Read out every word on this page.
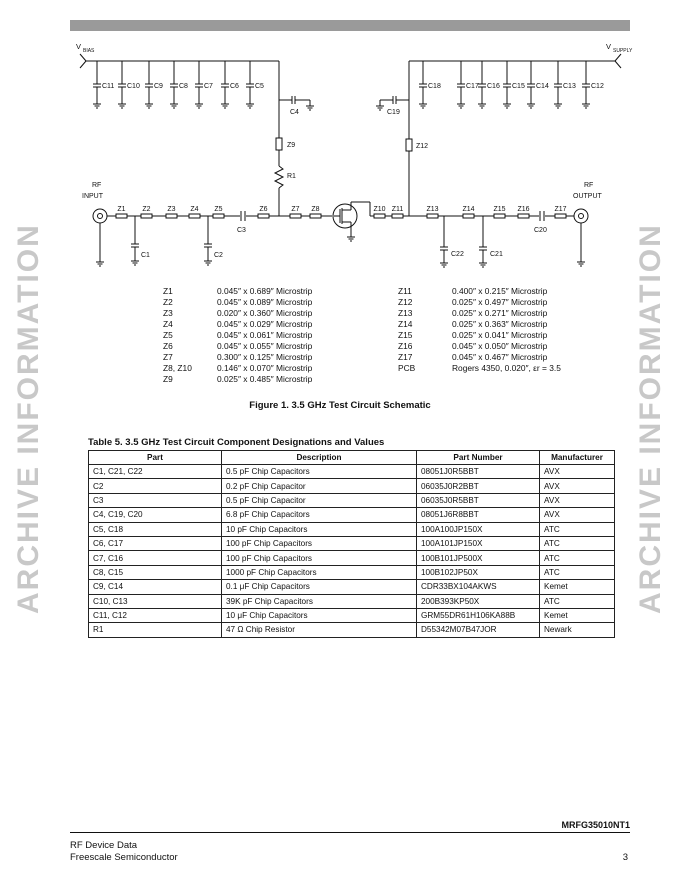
ARCHIVE INFORMATION	ARCHIVE INFORMATION
V BIAS
C11 C10 C9 C8 C7 C6 C5
C4
Z9
R1
V SUPPLY
C18	C17 C16 C15 C14 C13 C12
C19
Z12
RF
INPUT
RF
OUTPUT
Z1 Z2 Z3 Z4 Z5	Z6	Z7 Z8
C1	C2
C3
Z10 Z11	Z13	Z14	Z15 Z16	Z17
C22	C21
C20
Z1	0.045″ x 0.689″ Microstrip
Z2	0.045″ x 0.089″ Microstrip
Z3	0.020″ x 0.360″ Microstrip
Z4	0.045″ x 0.029″ Microstrip
Z5	0.045″ x 0.061″ Microstrip
Z6	0.045″ x 0.055″ Microstrip
Z7	0.300″ x 0.125″ Microstrip
Z8, Z10	0.146″ x 0.070″ Microstrip
Z9	0.025″ x 0.485″ Microstrip
Z11	0.400″ x 0.215″ Microstrip
Z12	0.025″ x 0.497″ Microstrip
Z13	0.025″ x 0.271″ Microstrip
Z14	0.025″ x 0.363″ Microstrip
Z15	0.025″ x 0.041″ Microstrip
Z16	0.045″ x 0.050″ Microstrip
Z17	0.045″ x 0.467″ Microstrip
PCB	Rogers 4350, 0.020″, εr = 3.5
Figure 1. 3.5 GHz Test Circuit Schematic
Table 5. 3.5 GHz Test Circuit Component Designations and Values
Part	Description	Part Number	Manufacturer
C1, C21, C22	0.5 pF Chip Capacitors	08051J0R5BBT	AVX
C2	0.2 pF Chip Capacitor	06035J0R2BBT	AVX
C3	0.5 pF Chip Capacitor	06035J0R5BBT	AVX
C4, C19, C20	6.8 pF Chip Capacitors	08051J6R8BBT	AVX
C5, C18	10 pF Chip Capacitors	100A100JP150X	ATC
C6, C17	100 pF Chip Capacitors	100A101JP150X	ATC
C7, C16	100 pF Chip Capacitors	100B101JP500X	ATC
C8, C15	1000 pF Chip Capacitors	100B102JP50X	ATC
C9, C14	0.1 μF Chip Capacitors	CDR33BX104AKWS	Kemet
C10, C13	39K pF Chip Capacitors	200B393KP50X	ATC
C11, C12	10 μF Chip Capacitors	GRM55DR61H106KA88B	Kemet
R1	47 Ω Chip Resistor	D55342M07B47JOR	Newark
MRFG35010NT1
RF Device Data
Freescale Semiconductor	3
